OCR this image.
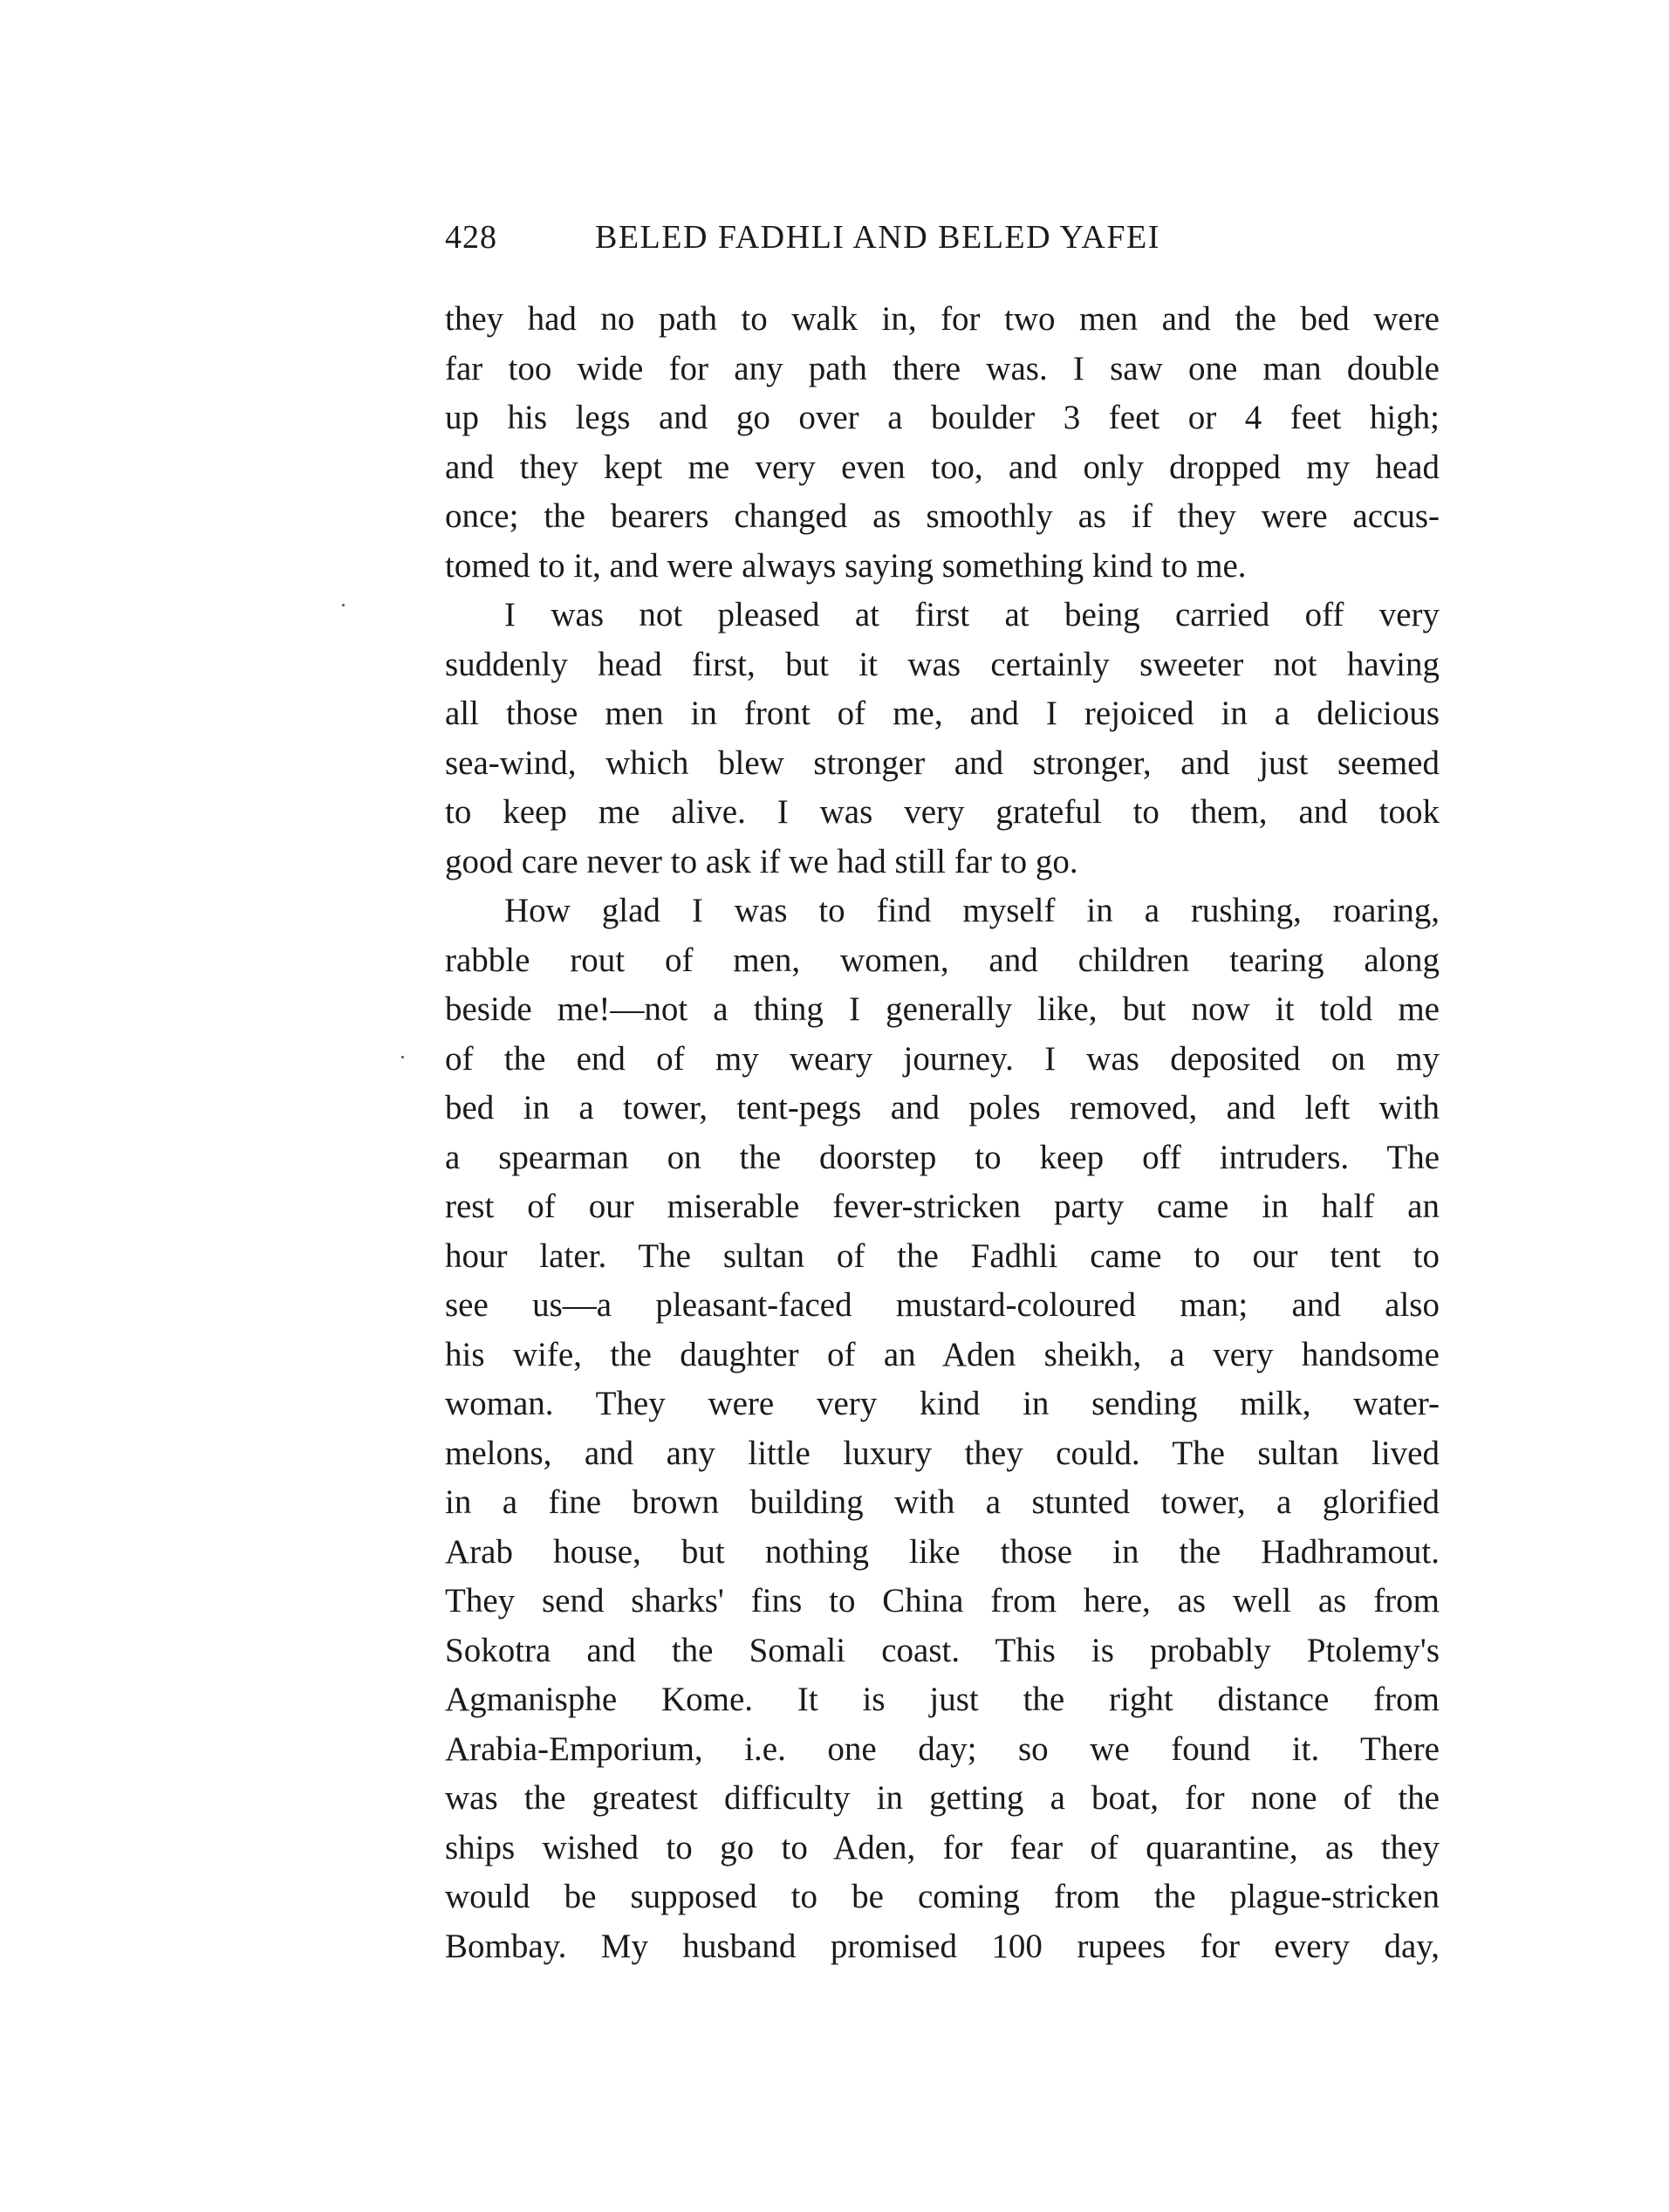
428	BELED FADHLI AND BELED YAFEI
they had no path to walk in, for two men and the bed were
far too wide for any path there was. I saw one man double
up his legs and go over a boulder 3 feet or 4 feet high;
and they kept me very even too, and only dropped my head
once; the bearers changed as smoothly as if they were accus-
tomed to it, and were always saying something kind to me.
I was not pleased at first at being carried off very
suddenly head first, but it was certainly sweeter not having
all those men in front of me, and I rejoiced in a delicious
sea-wind, which blew stronger and stronger, and just seemed
to keep me alive. I was very grateful to them, and took
good care never to ask if we had still far to go.
How glad I was to find myself in a rushing, roaring,
rabble rout of men, women, and children tearing along
beside me!—not a thing I generally like, but now it told me
of the end of my weary journey. I was deposited on my
bed in a tower, tent-pegs and poles removed, and left with
a spearman on the doorstep to keep off intruders. The
rest of our miserable fever-stricken party came in half an
hour later. The sultan of the Fadhli came to our tent to
see us—a pleasant-faced mustard-coloured man; and also
his wife, the daughter of an Aden sheikh, a very handsome
woman. They were very kind in sending milk, water-
melons, and any little luxury they could. The sultan lived
in a fine brown building with a stunted tower, a glorified
Arab house, but nothing like those in the Hadhramout.
They send sharks' fins to China from here, as well as from
Sokotra and the Somali coast. This is probably Ptolemy's
Agmanisphe Kome. It is just the right distance from
Arabia-Emporium, i.e. one day; so we found it. There
was the greatest difficulty in getting a boat, for none of the
ships wished to go to Aden, for fear of quarantine, as they
would be supposed to be coming from the plague-stricken
Bombay. My husband promised 100 rupees for every day,
